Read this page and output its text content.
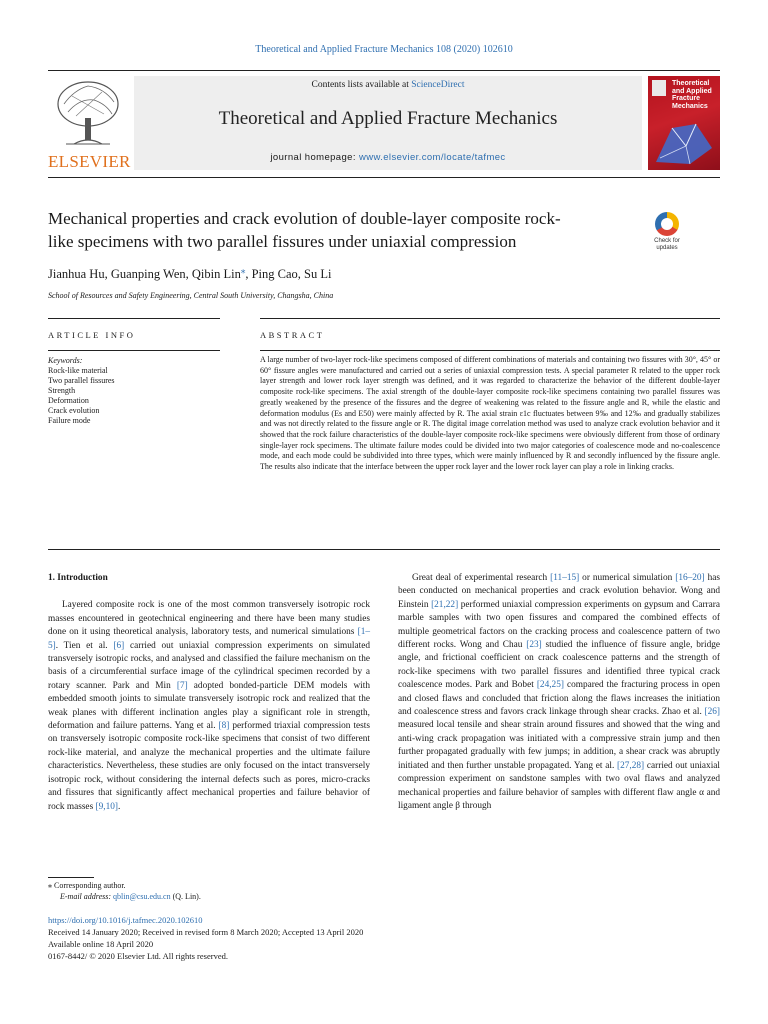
Theoretical and Applied Fracture Mechanics 108 (2020) 102610
ELSEVIER
Contents lists available at ScienceDirect
Theoretical and Applied Fracture Mechanics
journal homepage: www.elsevier.com/locate/tafmec
Theoretical
and Applied
Fracture
Mechanics
Mechanical properties and crack evolution of double-layer composite rock-
like specimens with two parallel fissures under uniaxial compression	Check for
updates
Jianhua Hu, Guanping Wen, Qibin Lin⁎, Ping Cao, Su Li
School of Resources and Safety Engineering, Central South University, Changsha, China
ARTICLE INFO	ABSTRACT
Keywords:
Rock-like material
Two parallel fissures
Strength
Deformation
Crack evolution
Failure mode
A large number of two-layer rock-like specimens composed of different combinations of materials and containing two fissures with 30°, 45° or 60° fissure angles were manufactured and carried out a series of uniaxial compression tests. A special parameter R related to the upper rock layer strength and lower rock layer strength was defined, and it was regarded to characterize the behavior of the different double-layer composite rock-like specimens. The axial strength of the double-layer composite rock-like specimens containing two parallel fissures was greatly weakened by the presence of the fissures and the degree of weakening was related to the fissure angle and R, while the elastic and deformation modulus (Es and E50) were mainly affected by R. The axial strain ε1c fluctuates between 9‰ and 12‰ and gradually stabilizes and was not directly related to the fissure angle or R. The digital image correlation method was used to analyze crack evolution behavior and it showed that the rock failure characteristics of the double-layer composite rock-like specimens were obviously different from those of ordinary single-layer rock specimens. The ultimate failure modes could be divided into two major categories of coalescence mode and no-coalescence mode, and each mode could be subdivided into three types, which were mainly influenced by R and secondly influenced by the fissure angle. The results also indicate that the interface between the upper rock layer and the lower rock layer can play a role in linking cracks.
1. Introduction

Layered composite rock is one of the most common transversely isotropic rock masses encountered in geotechnical engineering and there have been many studies done on it using theoretical analysis, laboratory tests, and numerical simulations [1–5]. Tien et al. [6] carried out uniaxial compression experiments on simulated transversely isotropic rocks, and analysed and classified the failure mechanism on the basis of a circumferential surface image of the cylindrical specimen recorded by a rotary scanner. Park and Min [7] adopted bonded-particle DEM models with embedded smooth joints to simulate transversely isotropic rock and realized that the weak planes with different inclination angles play a significant role in strength, deformation and failure patterns. Yang et al. [8] performed triaxial compression tests on transversely isotropic composite rock-like specimens that consist of two different rock-like material, and analyze the mechanical properties and the ultimate failure characteristics. Nevertheless, these studies are only focused on the intact transversely isotropic rock, without considering the internal defects such as pores, micro-cracks and fissures that significantly affect mechanical properties and failure behavior of rock masses [9,10].

Great deal of experimental research [11–15] or numerical simulation [16–20] has been conducted on mechanical properties and crack evolution behavior. Wong and Einstein [21,22] performed uniaxial compression experiments on gypsum and Carrara marble samples with two open fissures and compared the combined effects of multiple geometrical factors on the cracking process and coalescence pattern of two different rocks. Wong and Chau [23] studied the influence of fissure angle, bridge angle, and frictional coefficient on crack coalescence patterns and the strength of rock-like specimens with two parallel fissures and identified three typical crack coalescence modes. Park and Bobet [24,25] compared the fracturing process in open and closed flaws and concluded that friction along the flaws increases the initiation and coalescence stress and favors crack linkage through shear cracks. Zhao et al. [26] measured local tensile and shear strain around fissures and showed that the wing and anti-wing crack propagation was initiated with a compressive strain jump and then further propagated gradually with few jumps; in addition, a shear crack was abruptly initiated and then further unstable propagated. Yang et al. [27,28] carried out uniaxial compression experiment on sandstone samples with two oval flaws and analyzed mechanical properties and failure behavior of samples with different flaw angle α and ligament angle β through

⁎ Corresponding author.
E-mail address: qblin@csu.edu.cn (Q. Lin).
https://doi.org/10.1016/j.tafmec.2020.102610
Received 14 January 2020; Received in revised form 8 March 2020; Accepted 13 April 2020
Available online 18 April 2020
0167-8442/ © 2020 Elsevier Ltd. All rights reserved.
